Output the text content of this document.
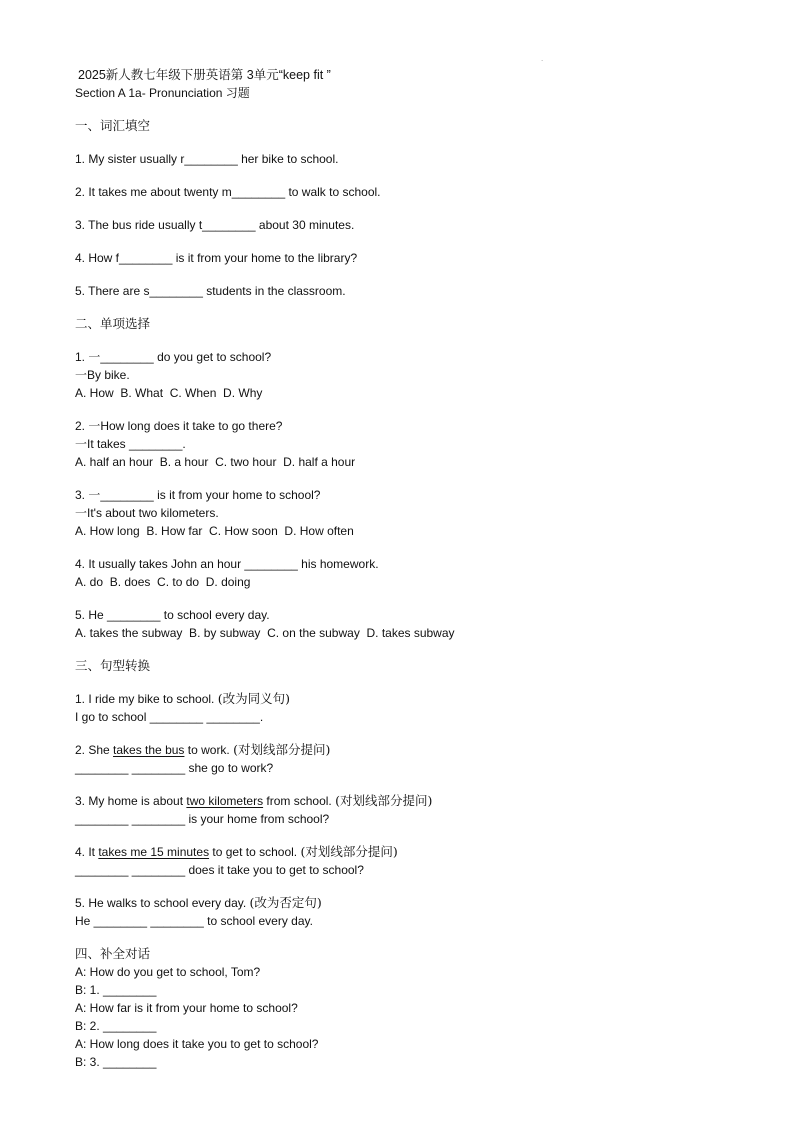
.
2025新人教七年级下册英语第 3单元“keep fit ”
Section A 1a- Pronunciation 习题
一、词汇填空
1. My sister usually r________ her bike to school.
2. It takes me about twenty m________ to walk to school.
3. The bus ride usually t________ about 30 minutes.
4. How f________ is it from your home to the library?
5. There are s________ students in the classroom.
二、单项选择
1. 一________ do you get to school?
一By bike.
A. How  B. What  C. When  D. Why
2. 一How long does it take to go there?
一It takes ________.
A. half an hour  B. a hour  C. two hour  D. half a hour
3. 一________ is it from your home to school?
一It's about two kilometers.
A. How long  B. How far  C. How soon  D. How often
4. It usually takes John an hour ________ his homework.
A. do  B. does  C. to do  D. doing
5. He ________ to school every day.
A. takes the subway  B. by subway  C. on the subway  D. takes subway
三、句型转换
1. I ride my bike to school. (改为同义句)
I go to school ________ ________.
2. She takes the bus to work. (对划线部分提问)
________ ________ she go to work?
3. My home is about two kilometers from school. (对划线部分提问)
________ ________ is your home from school?
4. It takes me 15 minutes to get to school. (对划线部分提问)
________ ________ does it take you to get to school?
5. He walks to school every day. (改为否定句)
He ________ ________ to school every day.
四、补全对话
A: How do you get to school, Tom?
B: 1. ________
A: How far is it from your home to school?
B: 2. ________
A: How long does it take you to get to school?
B: 3. ________
